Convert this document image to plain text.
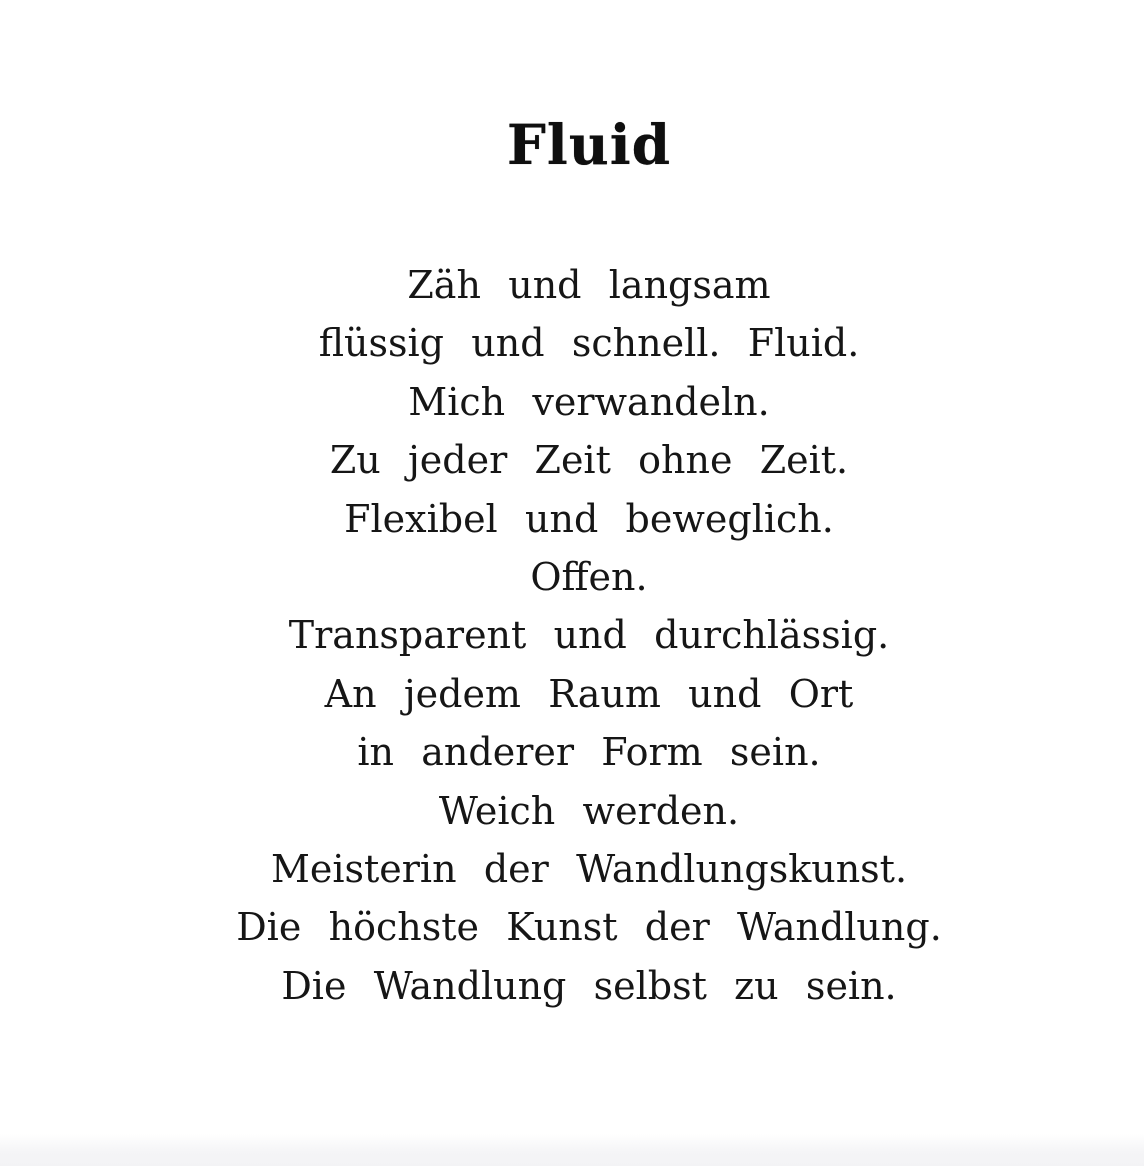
Fluid
Zäh und langsam
flüssig und schnell. Fluid.
Mich verwandeln.
Zu jeder Zeit ohne Zeit.
Flexibel und beweglich.
Offen.
Transparent und durchlässig.
An jedem Raum und Ort
in anderer Form sein.
Weich werden.
Meisterin der Wandlungskunst.
Die höchste Kunst der Wandlung.
Die Wandlung selbst zu sein.
